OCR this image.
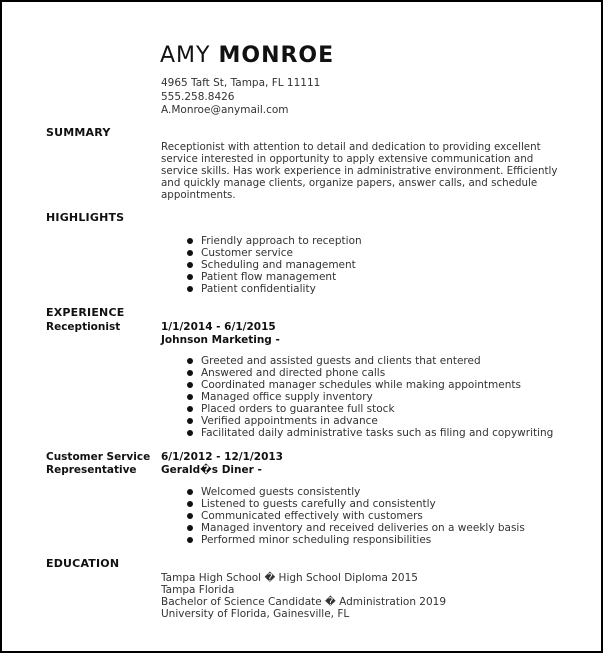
AMY MONROE
4965 Taft St, Tampa, FL 11111
555.258.8426
A.Monroe@anymail.com
SUMMARY
Receptionist with attention to detail and dedication to providing excellent service interested in opportunity to apply extensive communication and service skills. Has work experience in administrative environment. Efficiently and quickly manage clients, organize papers, answer calls, and schedule appointments.
HIGHLIGHTS
Friendly approach to reception
Customer service
Scheduling and management
Patient flow management
Patient confidentiality
EXPERIENCE
Receptionist	1/1/2014 - 6/1/2015
Johnson Marketing -
Greeted and assisted guests and clients that entered
Answered and directed phone calls
Coordinated manager schedules while making appointments
Managed office supply inventory
Placed orders to guarantee full stock
Verified appointments in advance
Facilitated daily administrative tasks such as filing and copywriting
Customer Service
Representative
6/1/2012 - 12/1/2013
Gerald�s Diner -
Welcomed guests consistently
Listened to guests carefully and consistently
Communicated effectively with customers
Managed inventory and received deliveries on a weekly basis
Performed minor scheduling responsibilities
EDUCATION
Tampa High School � High School Diploma 2015
Tampa Florida
Bachelor of Science Candidate � Administration 2019
University of Florida, Gainesville, FL
